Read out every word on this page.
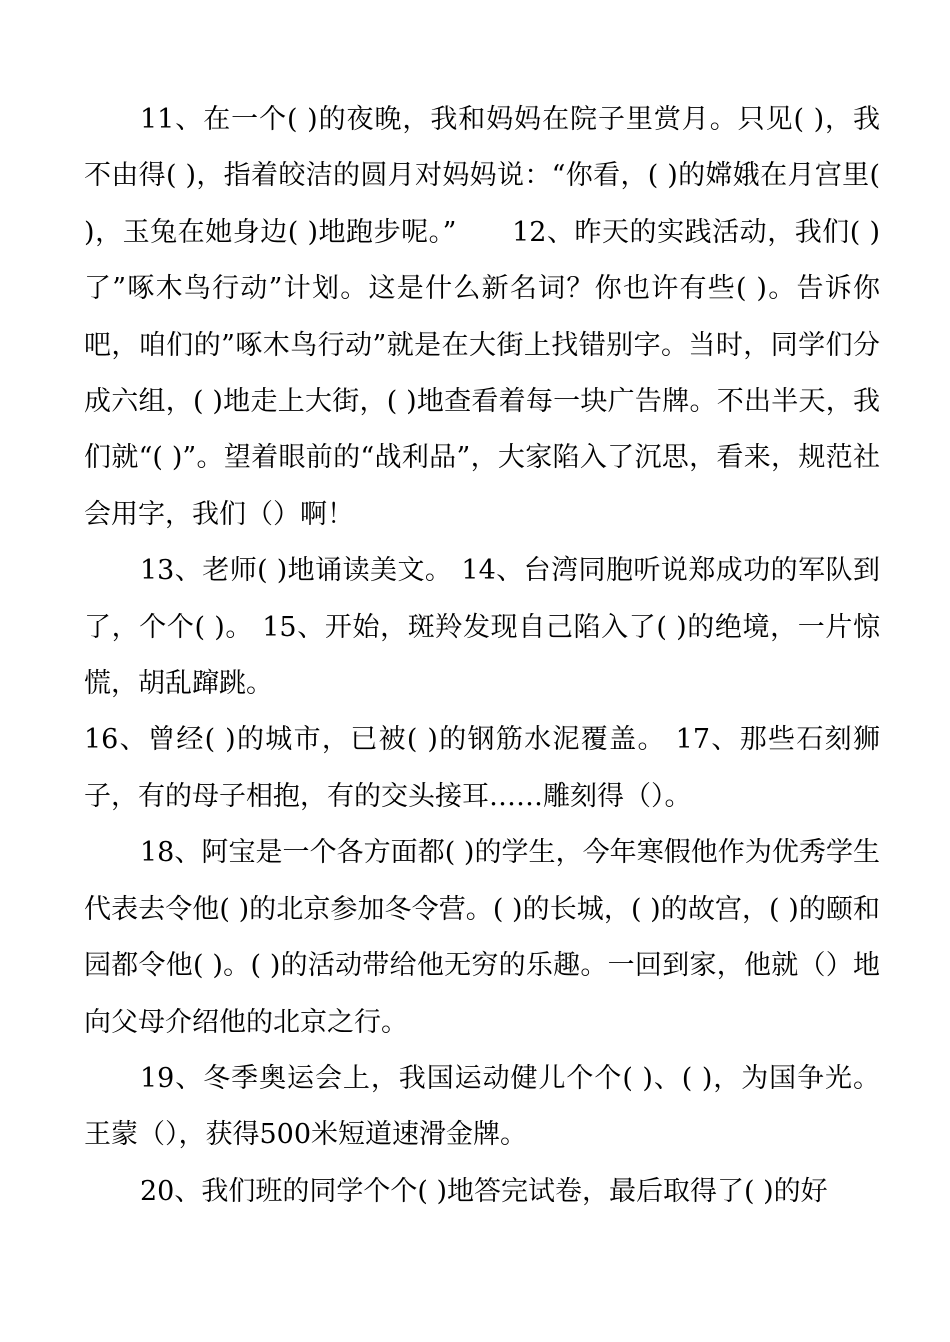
11、在一个( )的夜晚，我和妈妈在院子里赏月。只见( )，我不由得( )，指着皎洁的圆月对妈妈说：“你看，( )的嫦娥在月宫里( )，玉兔在她身边( )地跑步呢。”　　12、昨天的实践活动，我们( )了”啄木鸟行动”计划。这是什么新名词？你也许有些( )。告诉你吧，咱们的”啄木鸟行动”就是在大街上找错别字。当时，同学们分成六组，( )地走上大街，( )地查看着每一块广告牌。不出半天，我们就“( )”。望着眼前的“战利品”，大家陷入了沉思，看来，规范社会用字，我们（）啊！

13、老师( )地诵读美文。 14、台湾同胞听说郑成功的军队到了，个个( )。 15、开始，斑羚发现自己陷入了( )的绝境，一片惊慌，胡乱蹿跳。

16、曾经( )的城市，已被( )的钢筋水泥覆盖。 17、那些石刻狮子，有的母子相抱，有的交头接耳……雕刻得（）。

18、阿宝是一个各方面都( )的学生，今年寒假他作为优秀学生代表去令他( )的北京参加冬令营。( )的长城，( )的故宫，( )的颐和园都令他( )。( )的活动带给他无穷的乐趣。一回到家，他就（）地向父母介绍他的北京之行。

19、冬季奥运会上，我国运动健儿个个( )、( )，为国争光。王蒙（），获得500米短道速滑金牌。

20、我们班的同学个个( )地答完试卷，最后取得了( )的好
